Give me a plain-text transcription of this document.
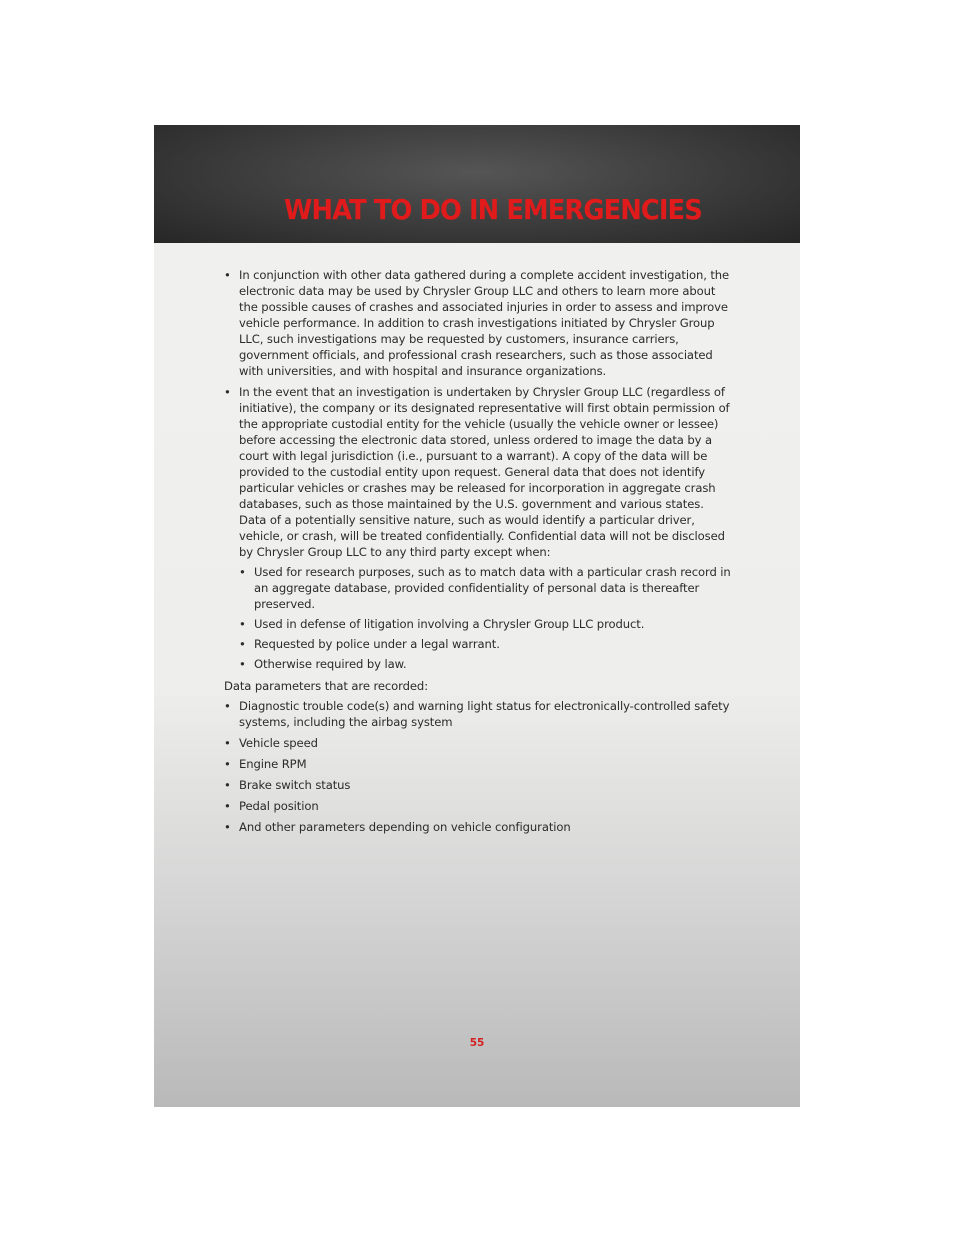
WHAT TO DO IN EMERGENCIES
• In conjunction with other data gathered during a complete accident investigation, the electronic data may be used by Chrysler Group LLC and others to learn more about the possible causes of crashes and associated injuries in order to assess and improve vehicle performance. In addition to crash investigations initiated by Chrysler Group LLC, such investigations may be requested by customers, insurance carriers, government officials, and professional crash researchers, such as those associated with universities, and with hospital and insurance organizations.
• In the event that an investigation is undertaken by Chrysler Group LLC (regardless of initiative), the company or its designated representative will first obtain permission of the appropriate custodial entity for the vehicle (usually the vehicle owner or lessee) before accessing the electronic data stored, unless ordered to image the data by a court with legal jurisdiction (i.e., pursuant to a warrant). A copy of the data will be provided to the custodial entity upon request. General data that does not identify particular vehicles or crashes may be released for incorporation in aggregate crash databases, such as those maintained by the U.S. government and various states. Data of a potentially sensitive nature, such as would identify a particular driver, vehicle, or crash, will be treated confidentially. Confidential data will not be disclosed by Chrysler Group LLC to any third party except when:
• Used for research purposes, such as to match data with a particular crash record in an aggregate database, provided confidentiality of personal data is thereafter preserved.
• Used in defense of litigation involving a Chrysler Group LLC product.
• Requested by police under a legal warrant.
• Otherwise required by law.

Data parameters that are recorded:

• Diagnostic trouble code(s) and warning light status for electronically-controlled safety systems, including the airbag system
• Vehicle speed
• Engine RPM
• Brake switch status
• Pedal position
• And other parameters depending on vehicle configuration
55
